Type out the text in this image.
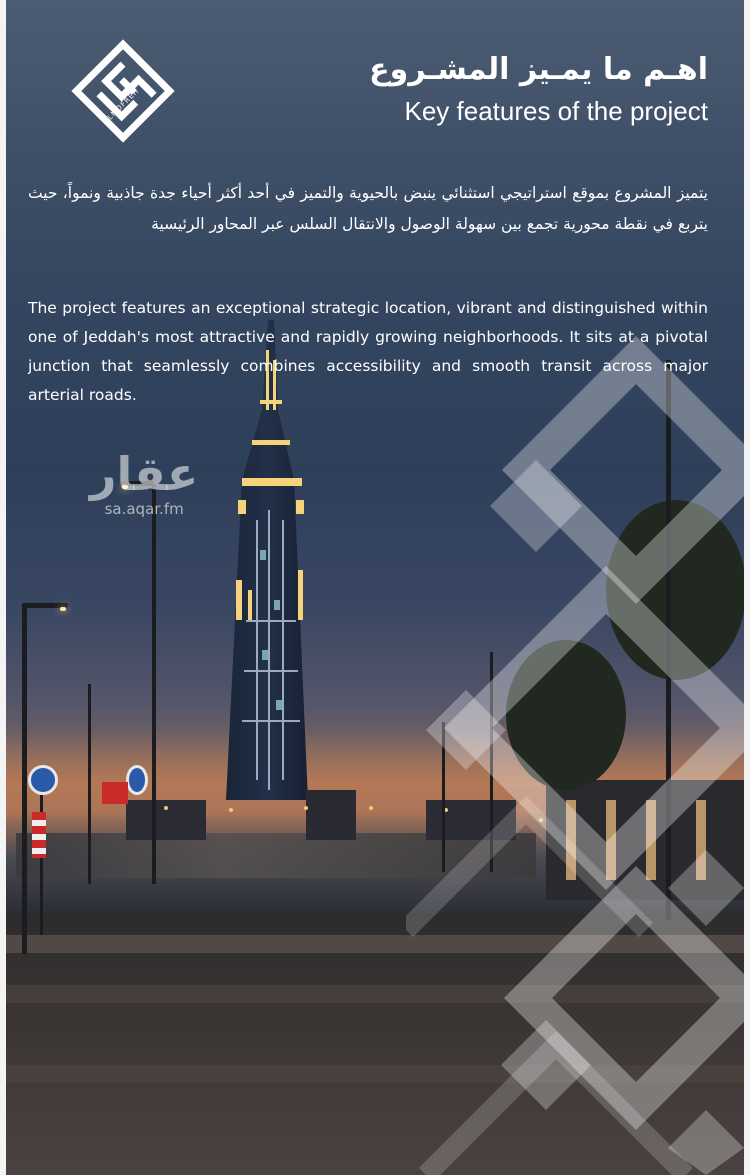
عقار
sa.aqar.fm
ALMOFREH
اهـم ما يمـيز المشـروع
Key features of the project
يتميز المشروع بموقع استراتيجي استثنائي ينبض بالحيوية والتميز في أحد أكثر أحياء جدة جاذبية ونمواً، حيث يتربع في نقطة محورية تجمع بين سهولة الوصول والانتقال السلس عبر المحاور الرئيسية
The project features an exceptional strategic location, vibrant and distinguished within one of Jeddah's most attractive and rapidly growing neighborhoods. It sits at a pivotal junction that seamlessly combines accessibility and smooth transit across major arterial roads.
